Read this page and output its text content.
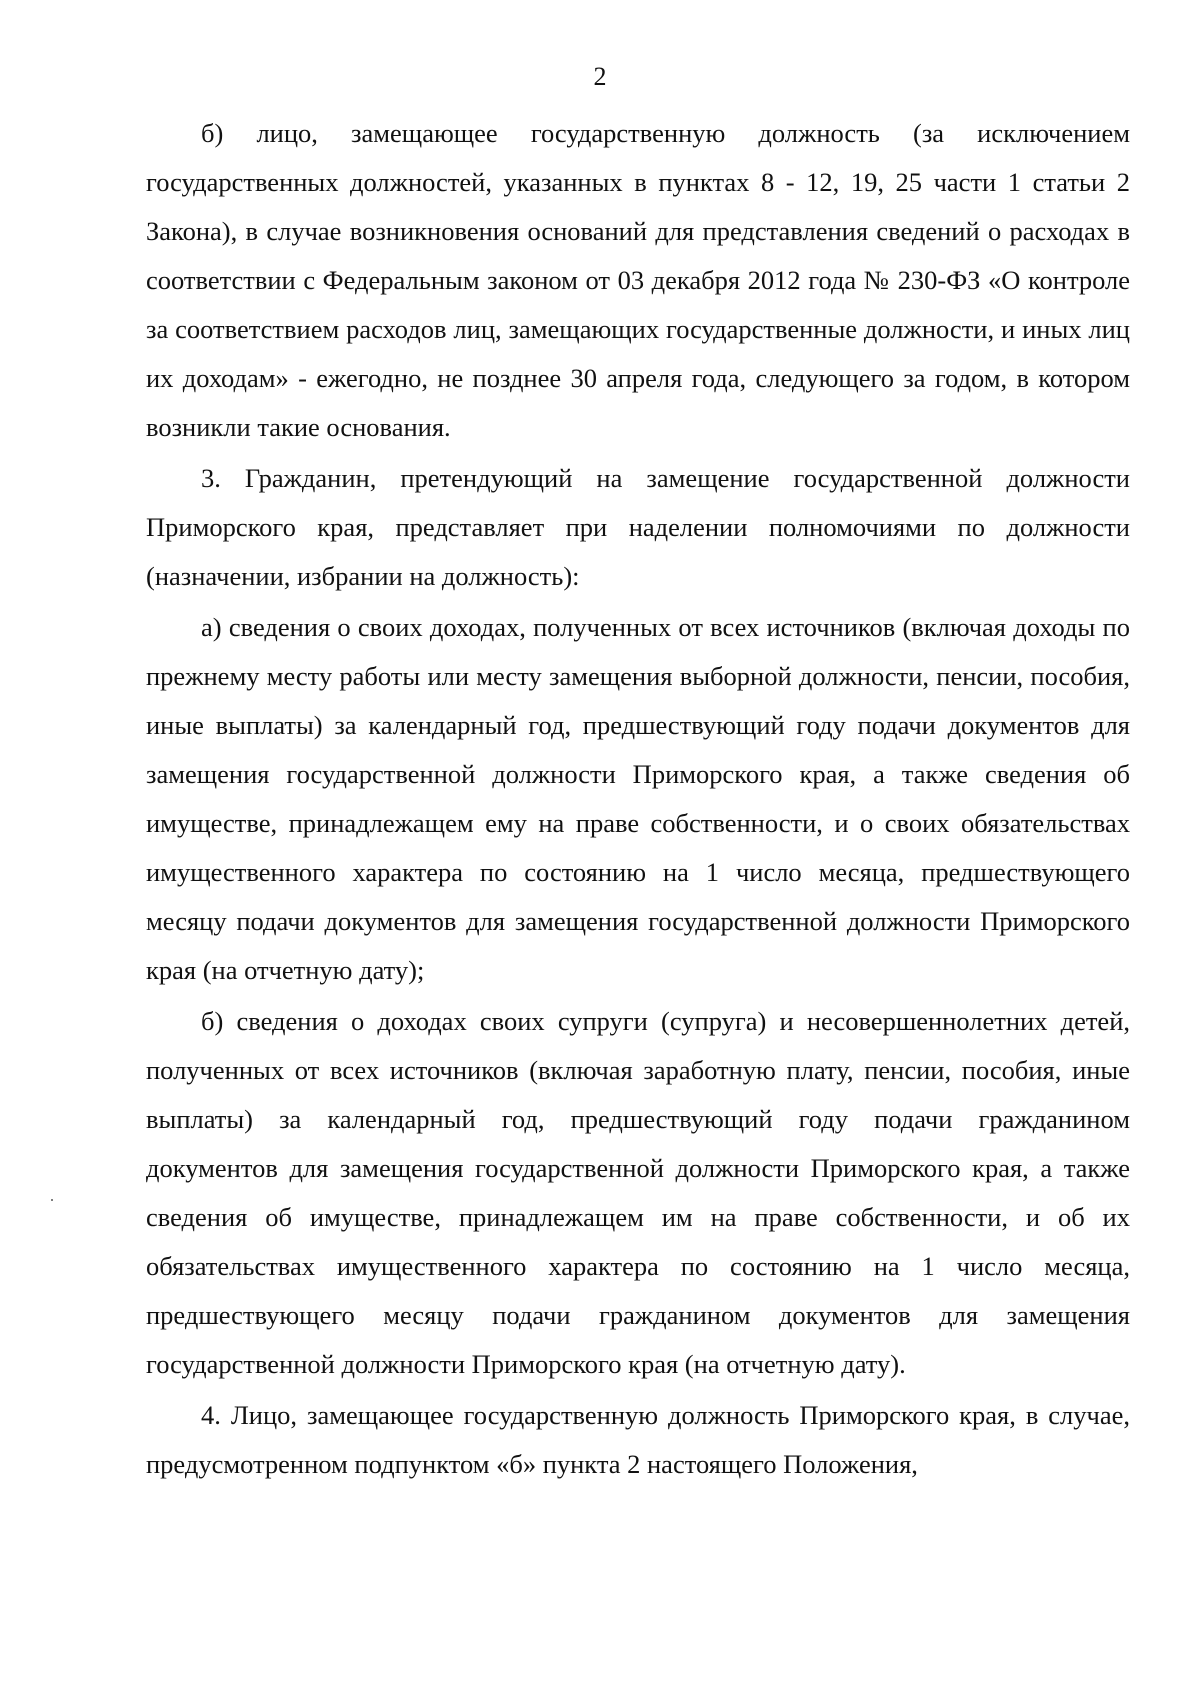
2

б) лицо, замещающее государственную должность (за исключением государственных должностей, указанных в пунктах 8 - 12, 19, 25 части 1 статьи 2 Закона), в случае возникновения оснований для представления сведений о расходах в соответствии с Федеральным законом от 03 декабря 2012 года № 230-ФЗ «О контроле за соответствием расходов лиц, замещающих государственные должности, и иных лиц их доходам» - ежегодно, не позднее 30 апреля года, следующего за годом, в котором возникли такие основания.

3. Гражданин, претендующий на замещение государственной должности Приморского края, представляет при наделении полномочиями по должности (назначении, избрании на должность):

а) сведения о своих доходах, полученных от всех источников (включая доходы по прежнему месту работы или месту замещения выборной должности, пенсии, пособия, иные выплаты) за календарный год, предшествующий году подачи документов для замещения государственной должности Приморского края, а также сведения об имуществе, принадлежащем ему на праве собственности, и о своих обязательствах имущественного характера по состоянию на 1 число месяца, предшествующего месяцу подачи документов для замещения государственной должности Приморского края (на отчетную дату);

б) сведения о доходах своих супруги (супруга) и несовершеннолетних детей, полученных от всех источников (включая заработную плату, пенсии, пособия, иные выплаты) за календарный год, предшествующий году подачи гражданином документов для замещения государственной должности Приморского края, а также сведения об имуществе, принадлежащем им на праве собственности, и об их обязательствах имущественного характера по состоянию на 1 число месяца, предшествующего месяцу подачи гражданином документов для замещения государственной должности Приморского края (на отчетную дату).

4. Лицо, замещающее государственную должность Приморского края, в случае, предусмотренном подпунктом «б» пункта 2 настоящего Положения,
